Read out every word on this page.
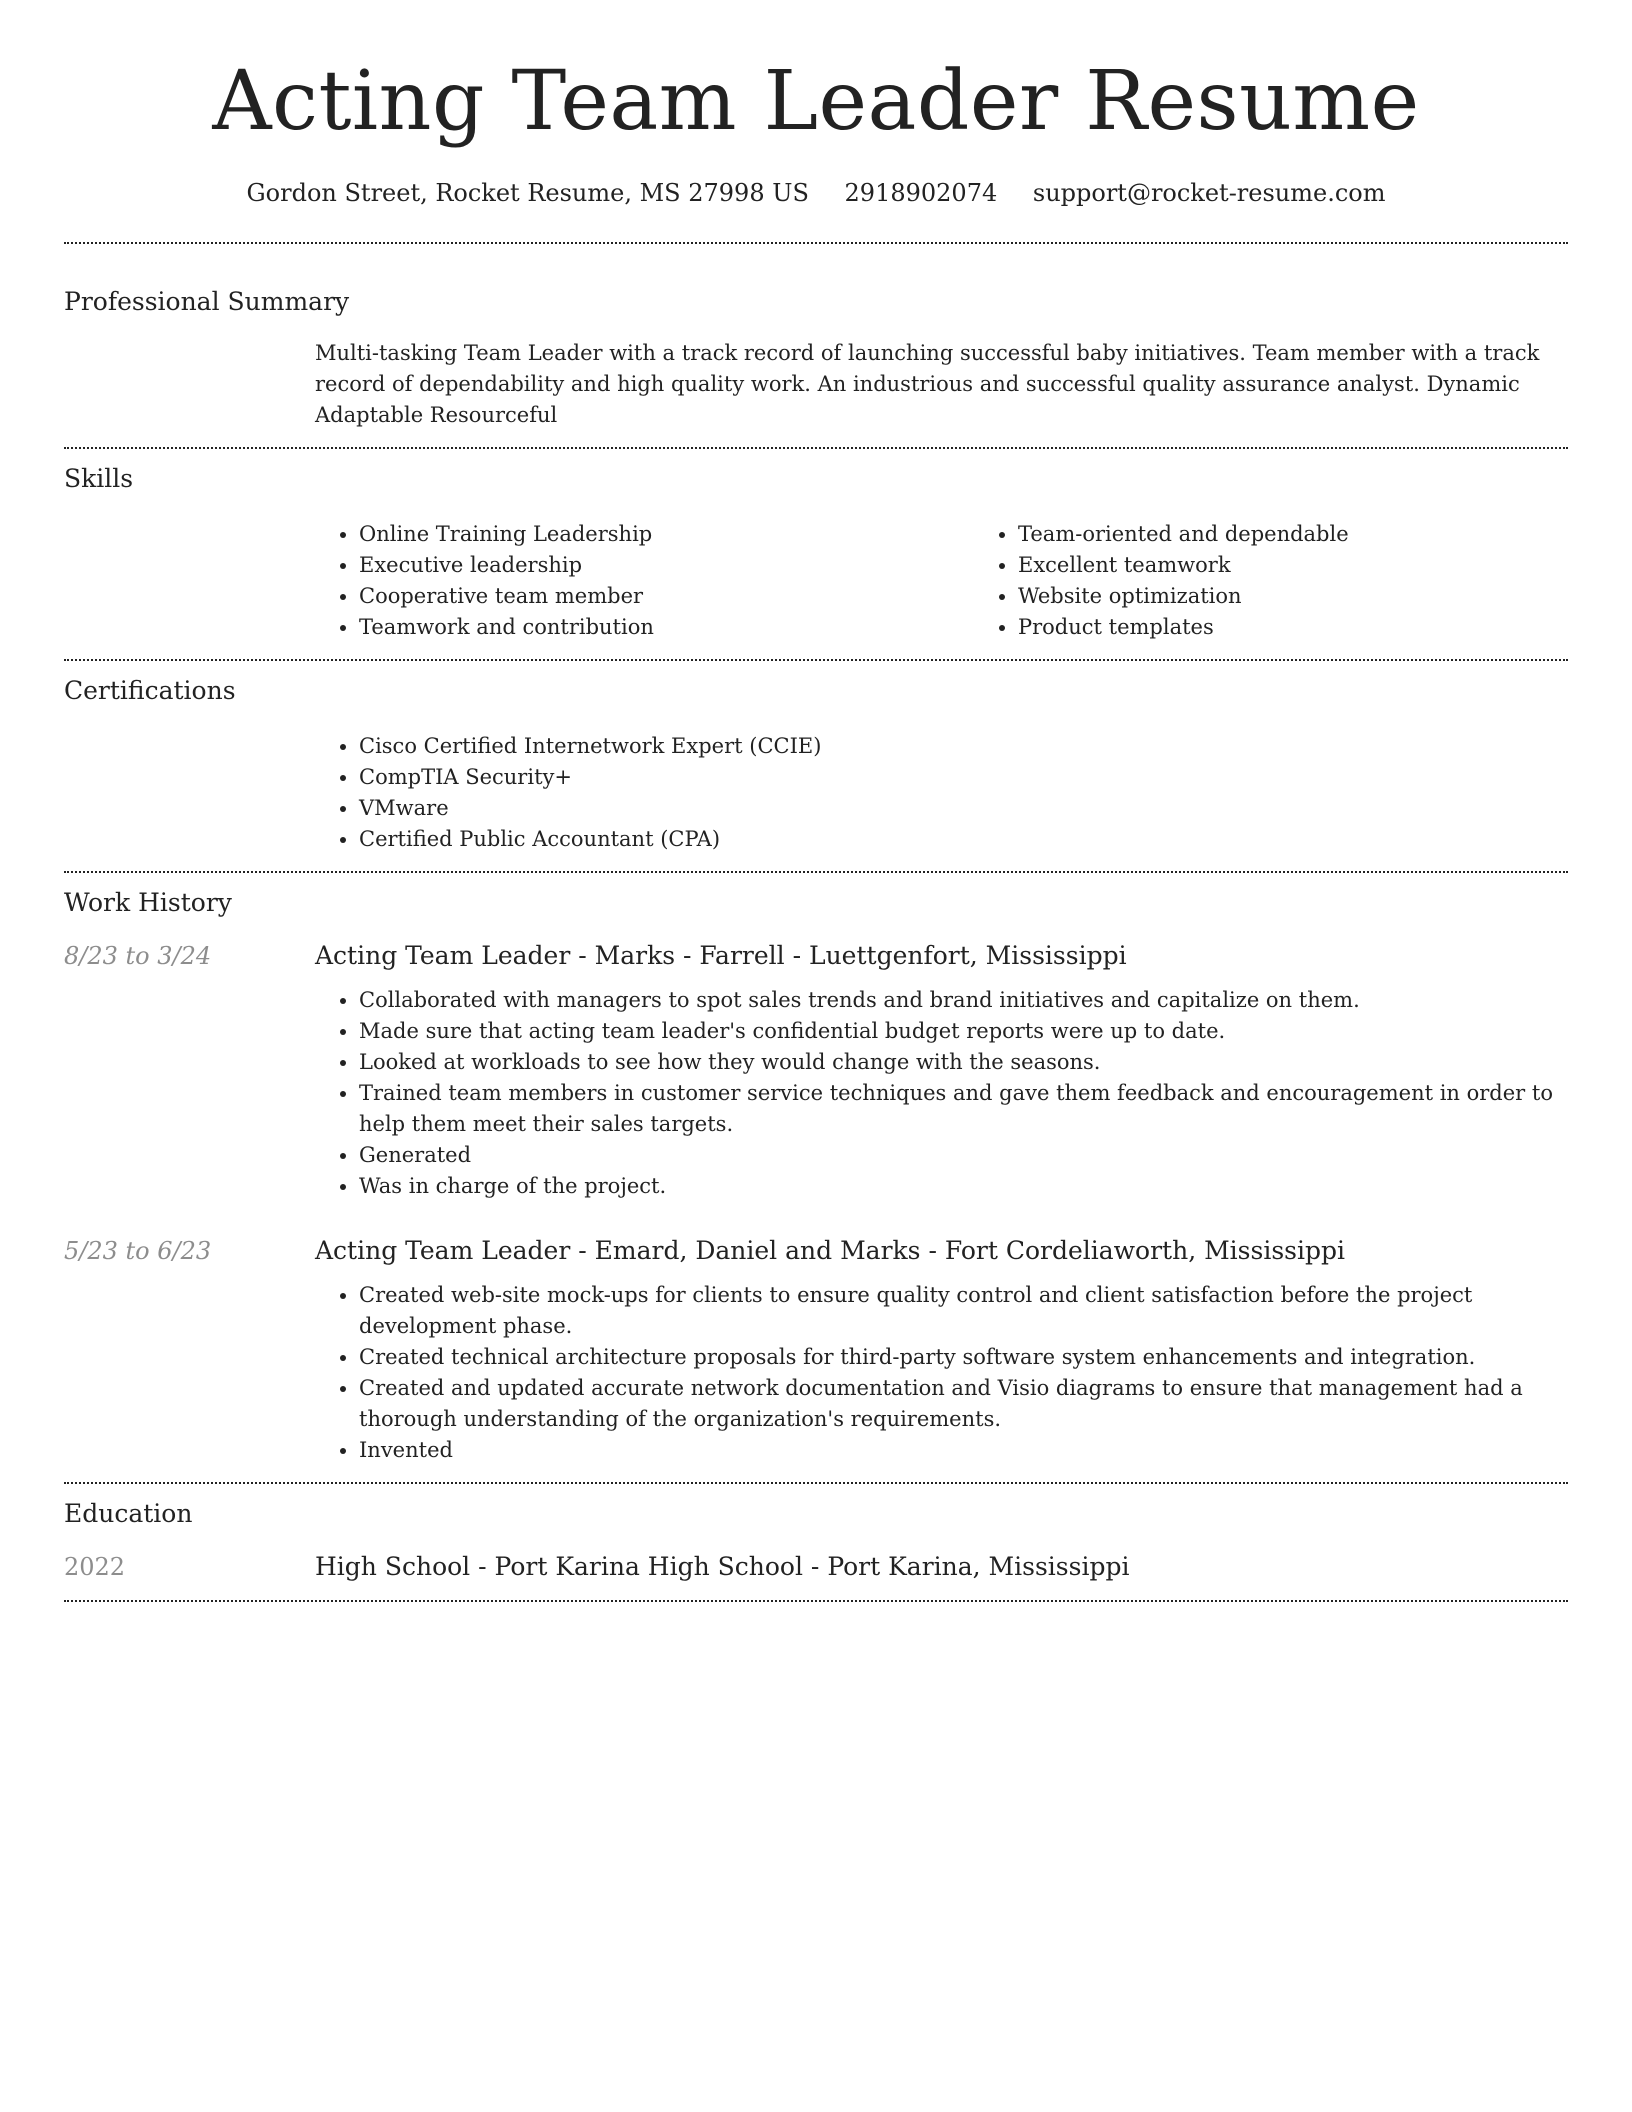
Acting Team Leader Resume
Gordon Street, Rocket Resume, MS 27998 US 2918902074 support@rocket-resume.com
Professional Summary
Multi-tasking Team Leader with a track record of launching successful baby initiatives. Team member with a track record of dependability and high quality work. An industrious and successful quality assurance analyst. Dynamic Adaptable Resourceful
Skills
• Online Training Leadership
• Executive leadership
• Cooperative team member
• Teamwork and contribution
• Team-oriented and dependable
• Excellent teamwork
• Website optimization
• Product templates
Certifications
• Cisco Certified Internetwork Expert (CCIE)
• CompTIA Security+
• VMware
• Certified Public Accountant (CPA)
Work History
8/23 to 3/24	Acting Team Leader - Marks - Farrell - Luettgenfort, Mississippi
• Collaborated with managers to spot sales trends and brand initiatives and capitalize on them.
• Made sure that acting team leader's confidential budget reports were up to date.
• Looked at workloads to see how they would change with the seasons.
• Trained team members in customer service techniques and gave them feedback and encouragement in order to help them meet their sales targets.
• Generated
• Was in charge of the project.
5/23 to 6/23	Acting Team Leader - Emard, Daniel and Marks - Fort Cordeliaworth, Mississippi
• Created web-site mock-ups for clients to ensure quality control and client satisfaction before the project development phase.
• Created technical architecture proposals for third-party software system enhancements and integration.
• Created and updated accurate network documentation and Visio diagrams to ensure that management had a thorough understanding of the organization's requirements.
• Invented
Education
2022	High School - Port Karina High School - Port Karina, Mississippi
